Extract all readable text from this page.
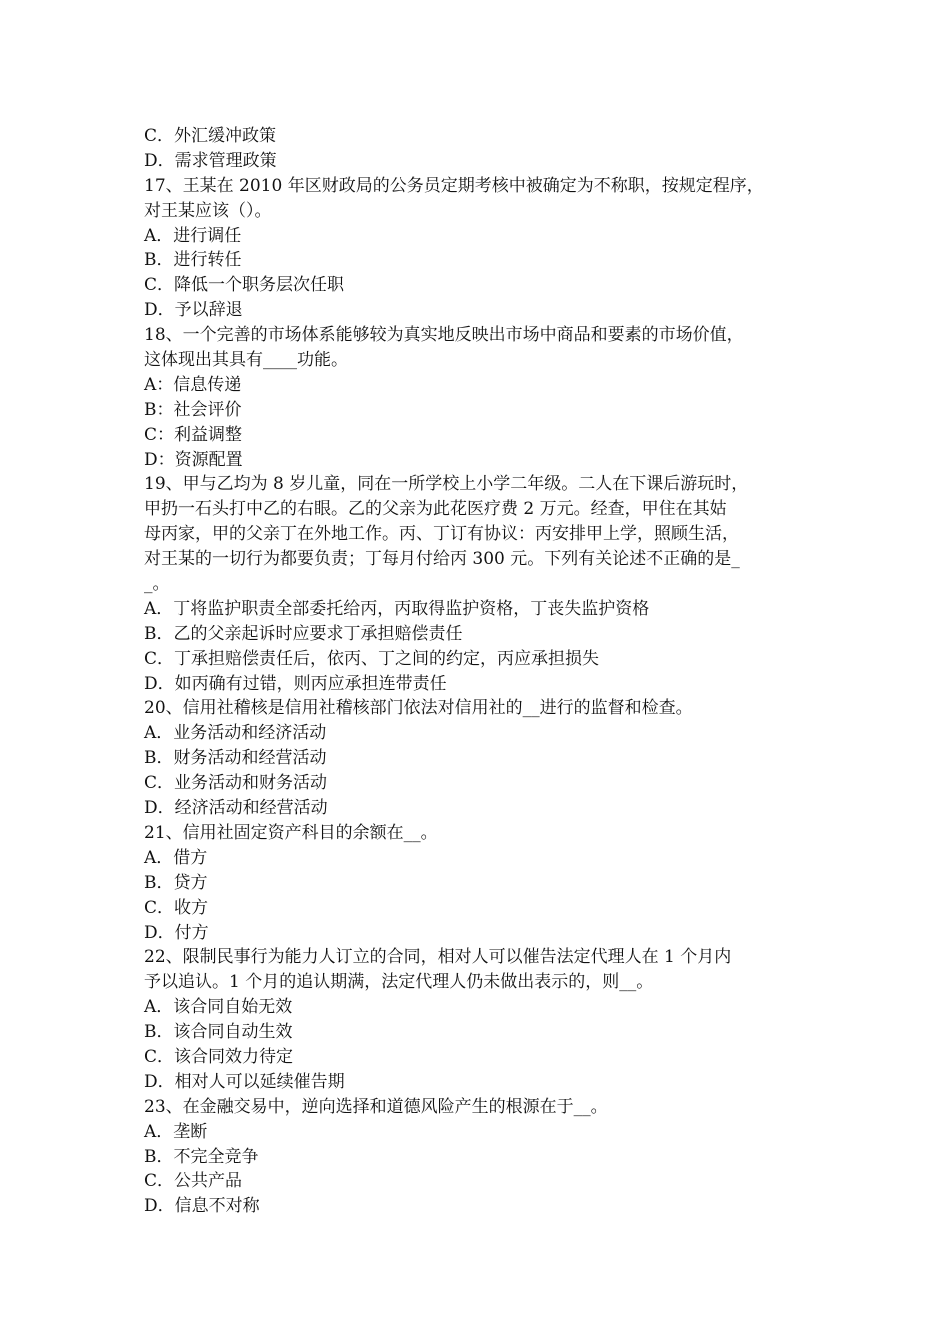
C．外汇缓冲政策
D．需求管理政策
17、王某在 2010 年区财政局的公务员定期考核中被确定为不称职，按规定程序，
对王某应该（）。
A．进行调任
B．进行转任
C．降低一个职务层次任职
D．予以辞退
18、一个完善的市场体系能够较为真实地反映出市场中商品和要素的市场价值，
这体现出其具有____功能。
A：信息传递
B：社会评价
C：利益调整
D：资源配置
19、甲与乙均为 8 岁儿童，同在一所学校上小学二年级。二人在下课后游玩时，
甲扔一石头打中乙的右眼。乙的父亲为此花医疗费 2 万元。经查，甲住在其姑
母丙家，甲的父亲丁在外地工作。丙、丁订有协议：丙安排甲上学，照顾生活，
对王某的一切行为都要负责；丁每月付给丙 300 元。下列有关论述不正确的是_
_。
A．丁将监护职责全部委托给丙，丙取得监护资格，丁丧失监护资格
B．乙的父亲起诉时应要求丁承担赔偿责任
C．丁承担赔偿责任后，依丙、丁之间的约定，丙应承担损失
D．如丙确有过错，则丙应承担连带责任
20、信用社稽核是信用社稽核部门依法对信用社的__进行的监督和检查。
A．业务活动和经济活动
B．财务活动和经营活动
C．业务活动和财务活动
D．经济活动和经营活动
21、信用社固定资产科目的余额在__。
A．借方
B．贷方
C．收方
D．付方
22、限制民事行为能力人订立的合同，相对人可以催告法定代理人在 1 个月内
予以追认。1 个月的追认期满，法定代理人仍未做出表示的，则__。
A．该合同自始无效
B．该合同自动生效
C．该合同效力待定
D．相对人可以延续催告期
23、在金融交易中，逆向选择和道德风险产生的根源在于__。
A．垄断
B．不完全竞争
C．公共产品
D．信息不对称
